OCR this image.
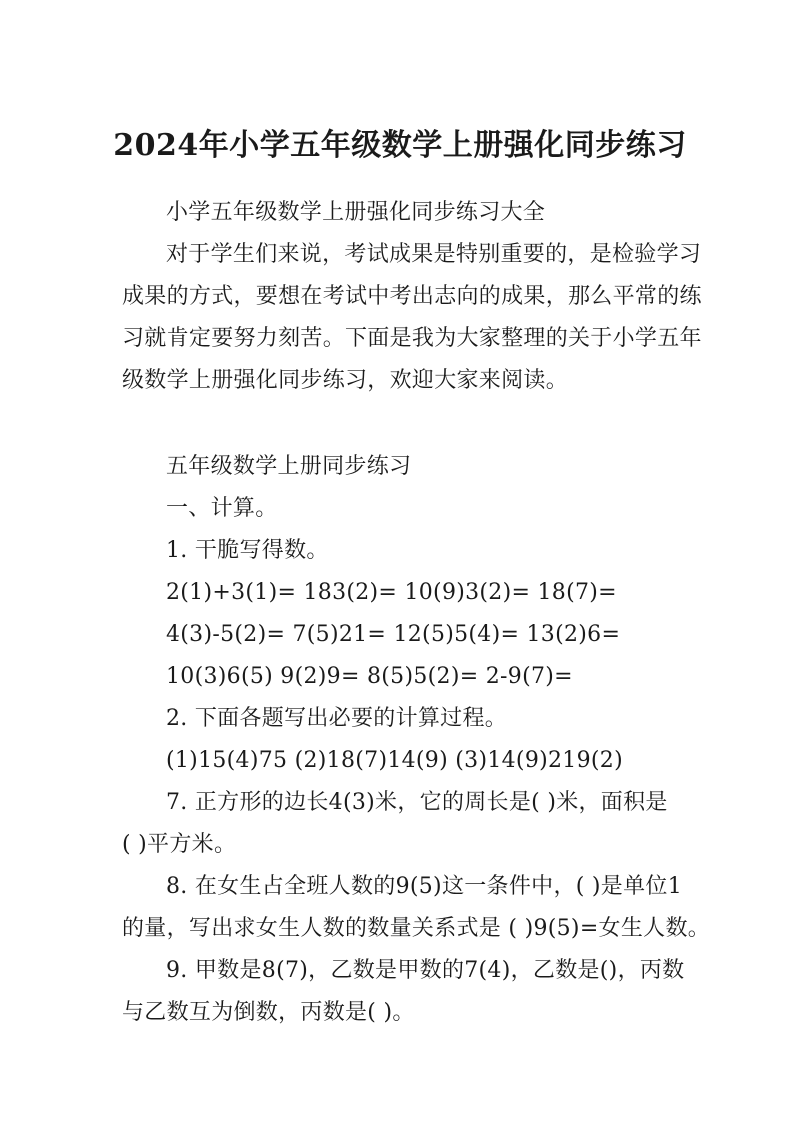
2024年小学五年级数学上册强化同步练习
小学五年级数学上册强化同步练习大全
对于学生们来说，考试成果是特别重要的，是检验学习
成果的方式，要想在考试中考出志向的成果，那么平常的练
习就肯定要努力刻苦。下面是我为大家整理的关于小学五年
级数学上册强化同步练习，欢迎大家来阅读。
五年级数学上册同步练习
一、计算。
1. 干脆写得数。
2(1)+3(1)= 183(2)= 10(9)3(2)= 18(7)=
4(3)-5(2)= 7(5)21= 12(5)5(4)= 13(2)6=
10(3)6(5) 9(2)9= 8(5)5(2)= 2-9(7)=
2. 下面各题写出必要的计算过程。
(1)15(4)75 (2)18(7)14(9) (3)14(9)219(2)
7. 正方形的边长4(3)米，它的周长是( )米，面积是
( )平方米。
8. 在女生占全班人数的9(5)这一条件中，( )是单位1
的量，写出求女生人数的数量关系式是 ( )9(5)=女生人数。
9. 甲数是8(7)，乙数是甲数的7(4)，乙数是()，丙数
与乙数互为倒数，丙数是( )。
